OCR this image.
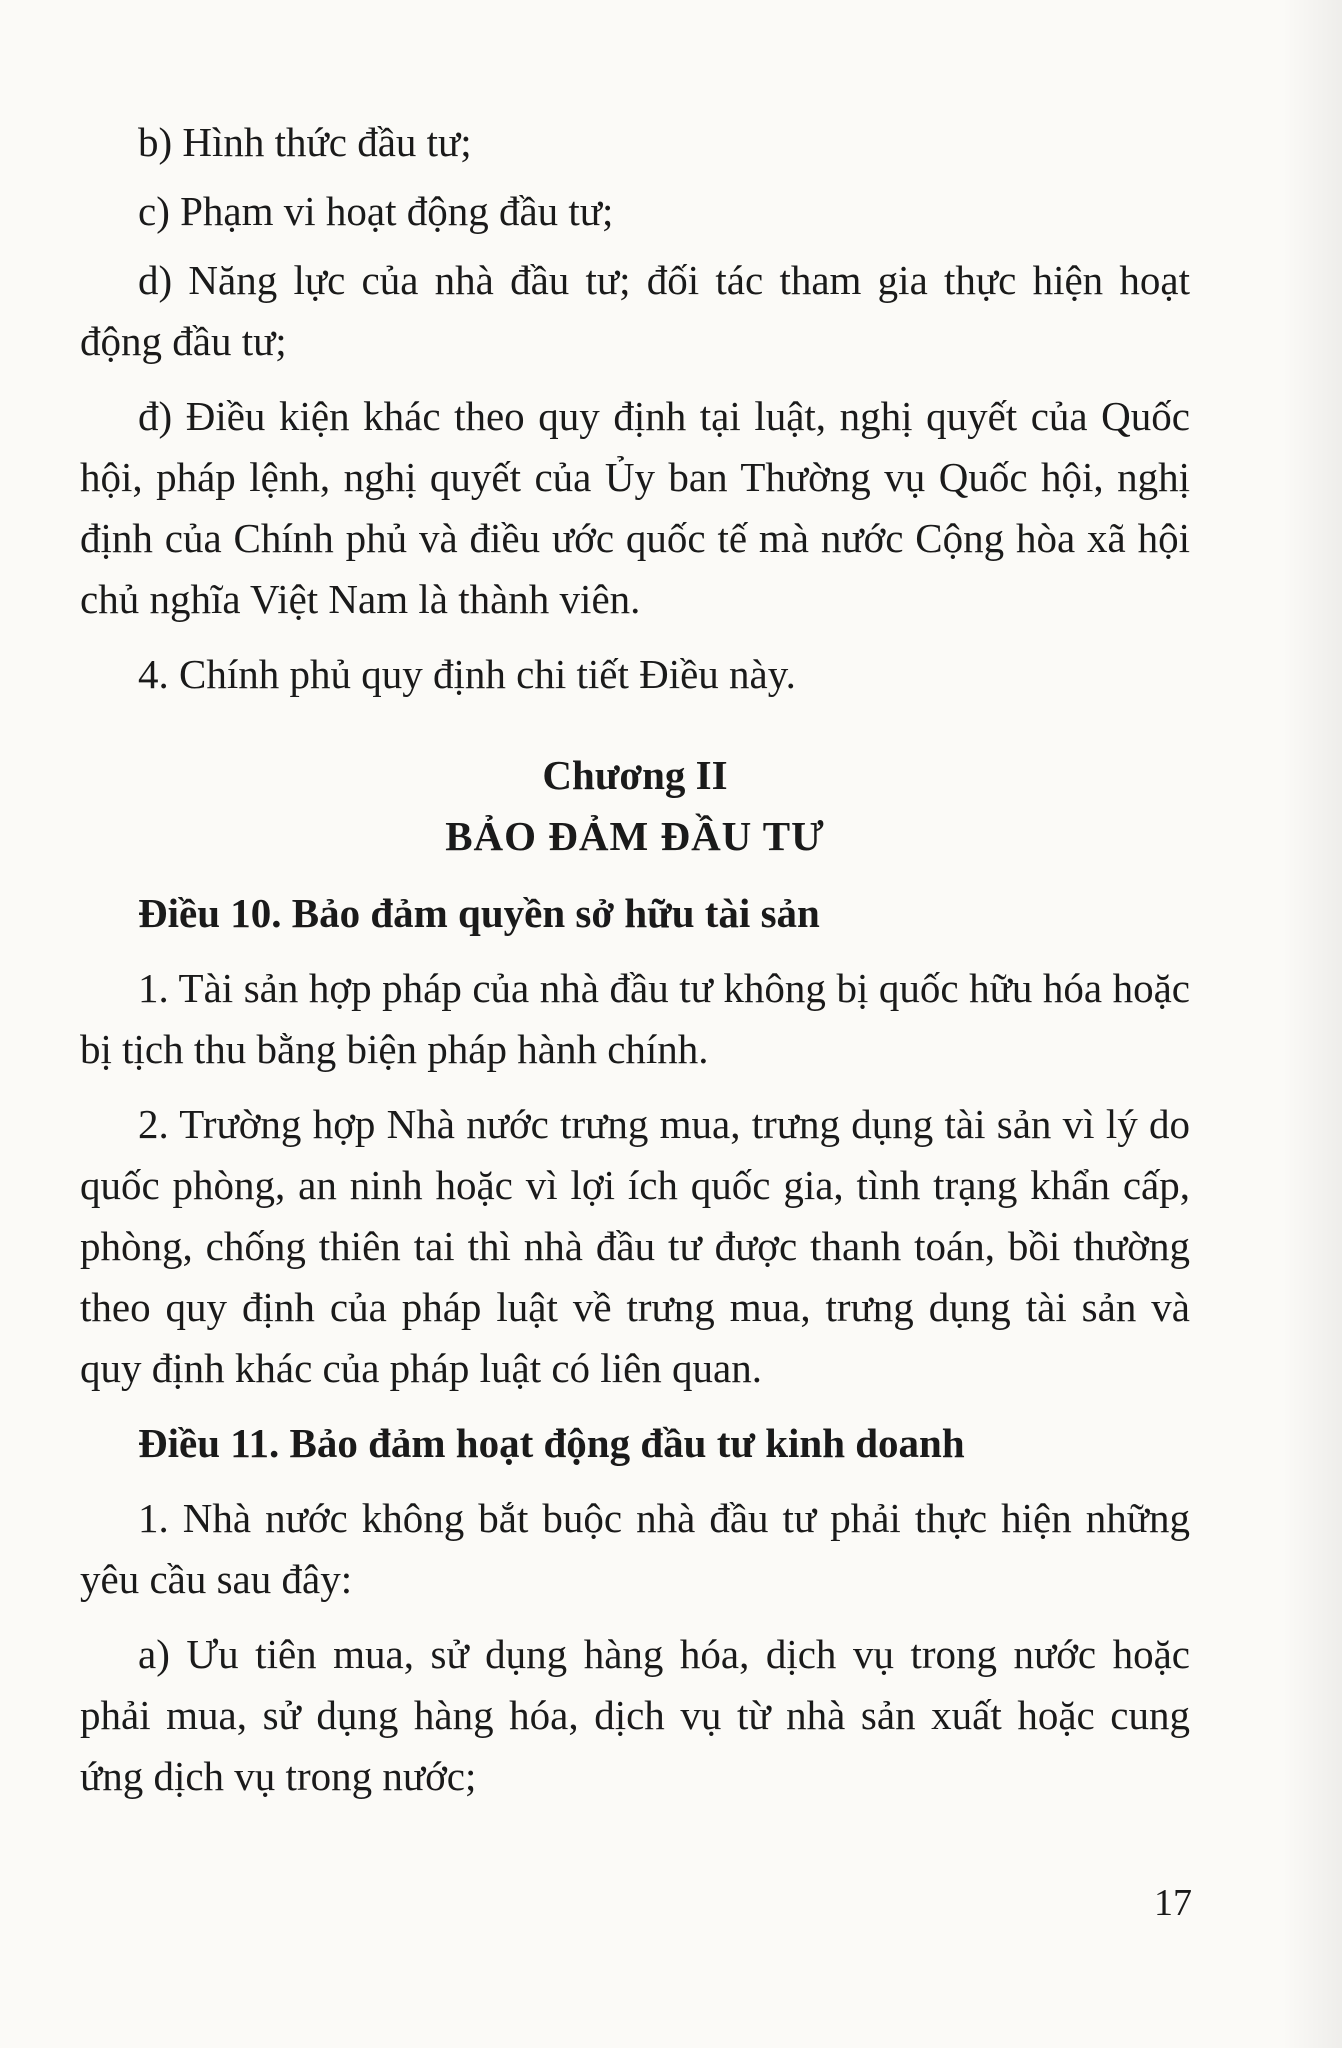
b) Hình thức đầu tư;

c) Phạm vi hoạt động đầu tư;

d) Năng lực của nhà đầu tư; đối tác tham gia thực hiện hoạt động đầu tư;

đ) Điều kiện khác theo quy định tại luật, nghị quyết của Quốc hội, pháp lệnh, nghị quyết của Ủy ban Thường vụ Quốc hội, nghị định của Chính phủ và điều ước quốc tế mà nước Cộng hòa xã hội chủ nghĩa Việt Nam là thành viên.

4. Chính phủ quy định chi tiết Điều này.

Chương II
BẢO ĐẢM ĐẦU TƯ

Điều 10. Bảo đảm quyền sở hữu tài sản

1. Tài sản hợp pháp của nhà đầu tư không bị quốc hữu hóa hoặc bị tịch thu bằng biện pháp hành chính.

2. Trường hợp Nhà nước trưng mua, trưng dụng tài sản vì lý do quốc phòng, an ninh hoặc vì lợi ích quốc gia, tình trạng khẩn cấp, phòng, chống thiên tai thì nhà đầu tư được thanh toán, bồi thường theo quy định của pháp luật về trưng mua, trưng dụng tài sản và quy định khác của pháp luật có liên quan.

Điều 11. Bảo đảm hoạt động đầu tư kinh doanh

1. Nhà nước không bắt buộc nhà đầu tư phải thực hiện những yêu cầu sau đây:

a) Ưu tiên mua, sử dụng hàng hóa, dịch vụ trong nước hoặc phải mua, sử dụng hàng hóa, dịch vụ từ nhà sản xuất hoặc cung ứng dịch vụ trong nước;

17
